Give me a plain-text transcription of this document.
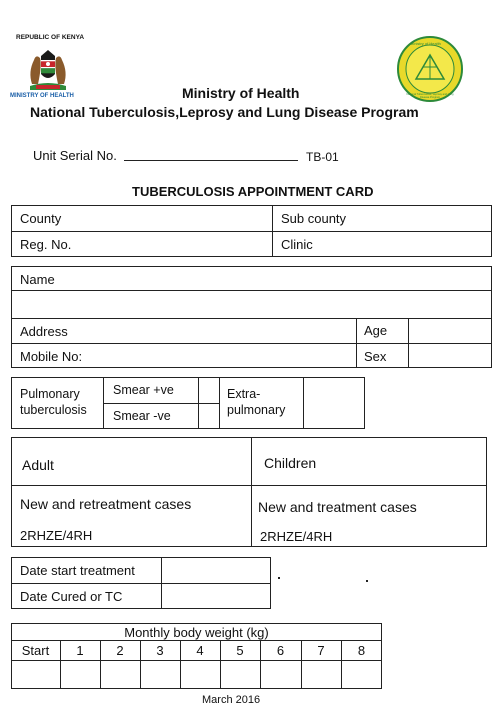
REPUBLIC OF KENYA
MINISTRY OF HEALTH
Ministry of Health
National Tuberculosis, Leprosy and Lung Disease Program
Ministry of Health
National Tuberculosis,Leprosy and Lung Disease Program
Unit Serial No.	TB-01
TUBERCULOSIS APPOINTMENT CARD
County	Sub county
Reg. No.	Clinic
Name
Address	Age
Mobile No:	Sex
Pulmonary
tuberculosis
Smear +ve
Smear -ve
Extra-
pulmonary
Adult	Children
New and retreatment cases	New and treatment cases
2RHZE/4RH	2RHZE/4RH
Date start treatment
Date Cured or TC
Monthly body weight (kg)
Start	1	2	3	4	5	6	7	8
March 2016
